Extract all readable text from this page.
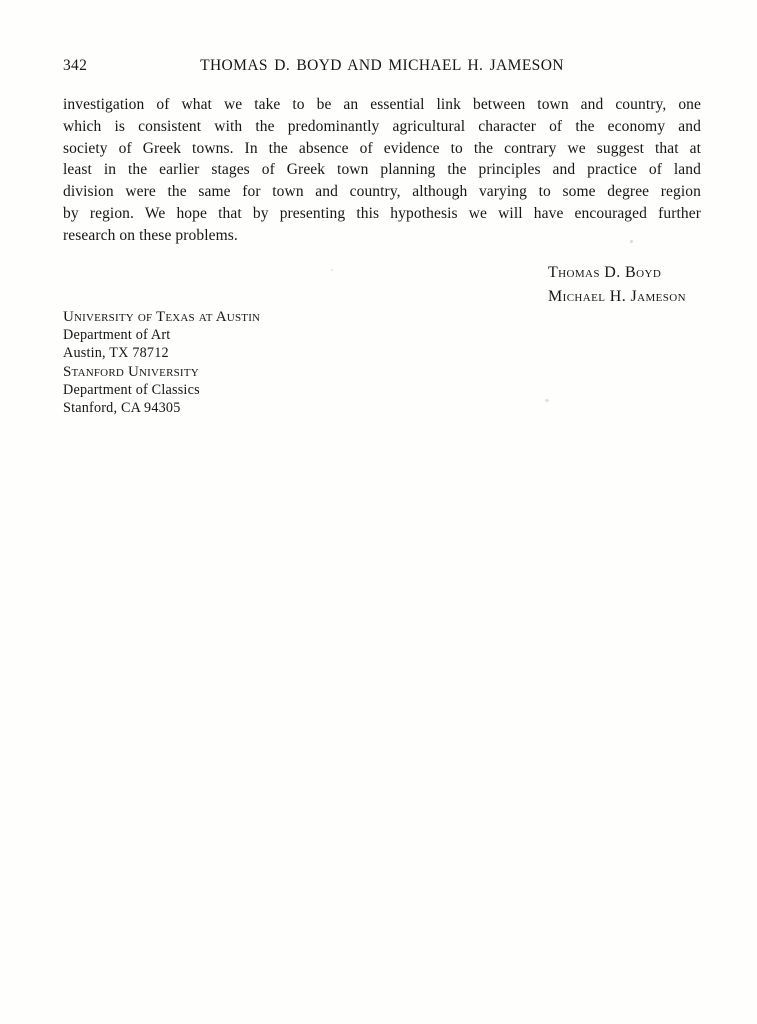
342	THOMAS D. BOYD AND MICHAEL H. JAMESON
investigation of what we take to be an essential link between town and country, one
which is consistent with the predominantly agricultural character of the economy and
society of Greek towns. In the absence of evidence to the contrary we suggest that at
least in the earlier stages of Greek town planning the principles and practice of land
division were the same for town and country, although varying to some degree region
by region. We hope that by presenting this hypothesis we will have encouraged further
research on these problems.
Thomas D. Boyd
Michael H. Jameson
University of Texas at Austin
Department of Art
Austin, TX 78712
Stanford University
Department of Classics
Stanford, CA 94305
